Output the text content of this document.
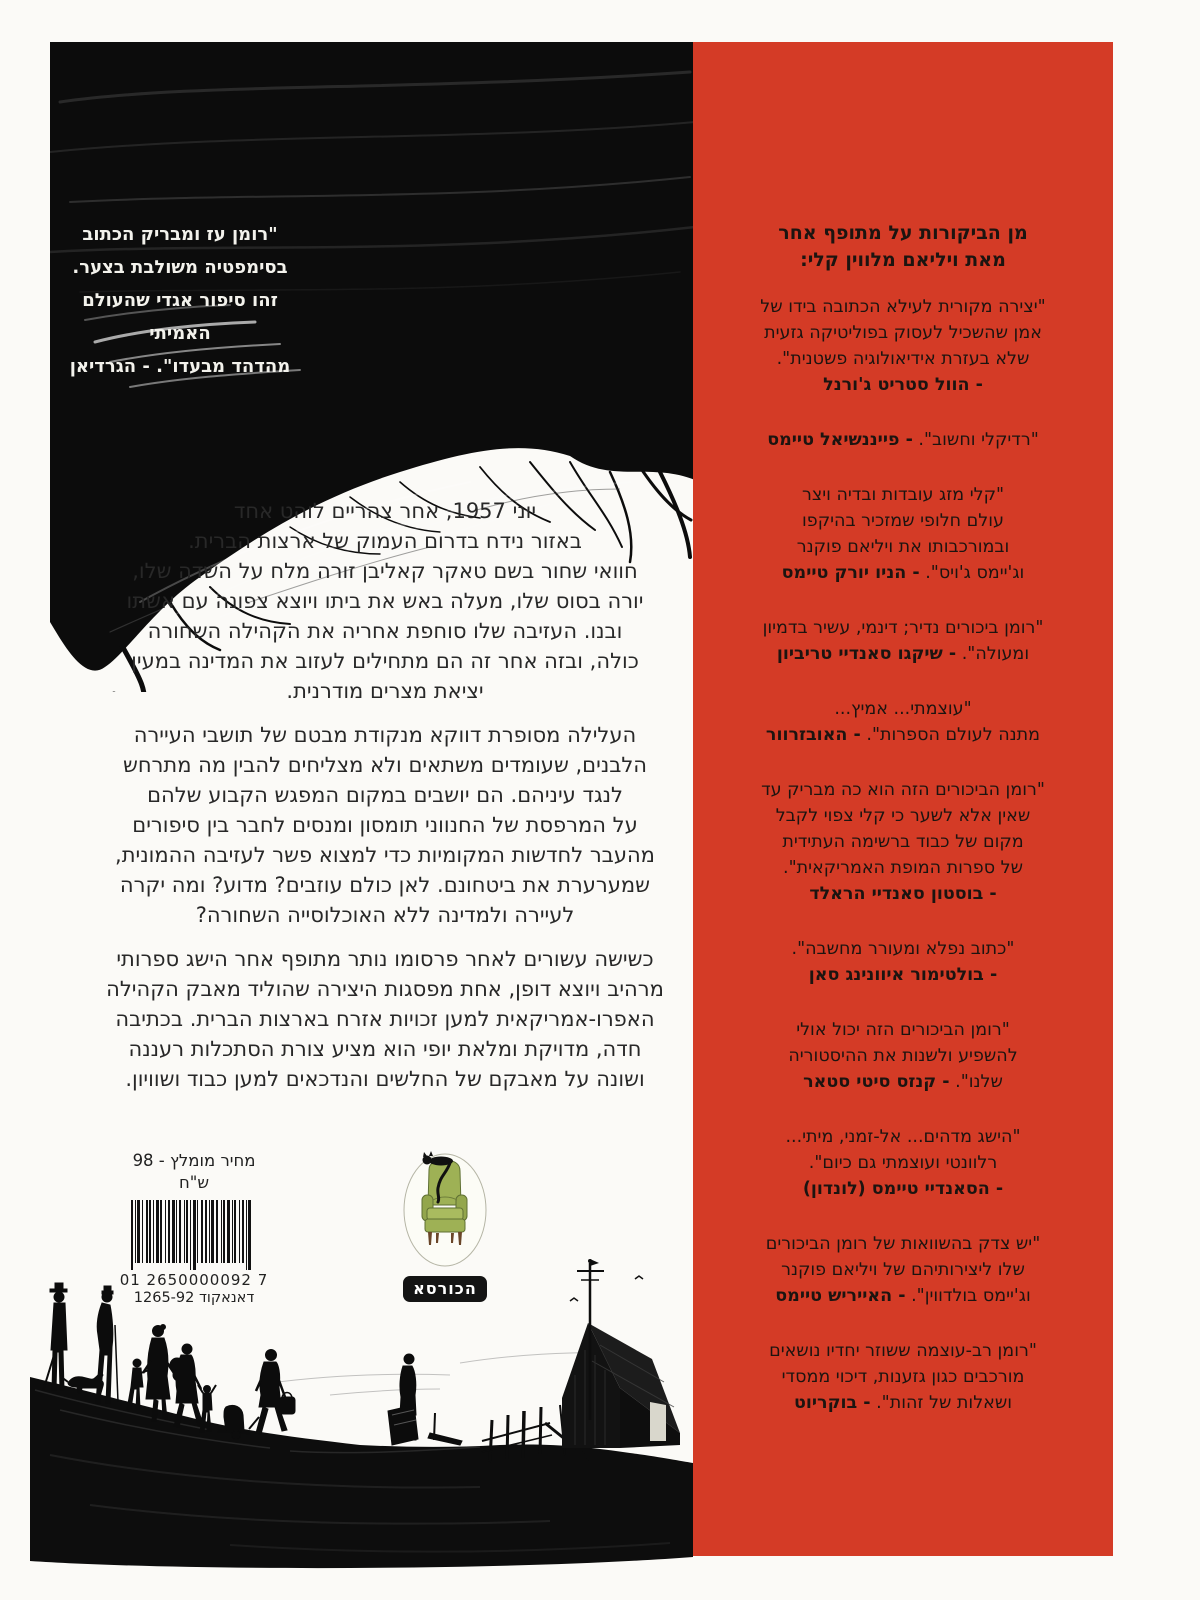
"רומן עז ומבריק הכתוב
בסימפטיה משולבת בצער.
זהו סיפור אגדי שהעולם האמיתי
מהדהד מבעדו". - הגרדיאן
מן הביקורות על מתופף אחר
מאת ויליאם מלווין קלי:
"יצירה מקורית לעילא הכתובה בידו של
אמן שהשכיל לעסוק בפוליטיקה גזעית
שלא בעזרת אידיאולוגיה פשטנית".
- הוול סטריט ג'ורנל
"רדיקלי וחשוב". - פייננשיאל טיימס
"קלי מזג עובדות ובדיה ויצר
עולם חלופי שמזכיר בהיקפו
ובמורכבותו את ויליאם פוקנר
וג'יימס ג'ויס". - הניו יורק טיימס
"רומן ביכורים נדיר; דינמי, עשיר בדמיון
ומעולה". - שיקגו סאנדיי טריביון
"עוצמתי... אמיץ...
מתנה לעולם הספרות". - האובזרוור
"רומן הביכורים הזה הוא כה מבריק עד
שאין אלא לשער כי קלי צפוי לקבל
מקום של כבוד ברשימה העתידית
של ספרות המופת האמריקאית".
- בוסטון סאנדיי הראלד
"כתוב נפלא ומעורר מחשבה".
- בולטימור איוונינג סאן
"רומן הביכורים הזה יכול אולי
להשפיע ולשנות את ההיסטוריה
שלנו". - קנזס סיטי סטאר
"הישג מדהים... אל-זמני, מיתי...
רלוונטי ועוצמתי גם כיום".
- הסאנדיי טיימס (לונדון)
"יש צדק בהשוואות של רומן הביכורים
שלו ליצירותיהם של ויליאם פוקנר
וג'יימס בולדווין". - האייריש טיימס
"רומן רב-עוצמה ששוזר יחדיו נושאים
מורכבים כגון גזענות, דיכוי ממסדי
ושאלות של זהות". - בוקריוט
יוני 1957, אחר צהריים לוהט אחד
באזור נידח בדרום העמוק של ארצות הברית.
חוואי שחור בשם טאקר קאליבן זורה מלח על השדה שלו,
יורה בסוס שלו, מעלה באש את ביתו ויוצא צפונה עם אשתו
ובנו. העזיבה שלו סוחפת אחריה את הקהילה השחורה
כולה, ובזה אחר זה הם מתחילים לעזוב את המדינה במעין
יציאת מצרים מודרנית.
העלילה מסופרת דווקא מנקודת מבטם של תושבי העיירה
הלבנים, שעומדים משתאים ולא מצליחים להבין מה מתרחש
לנגד עיניהם. הם יושבים במקום המפגש הקבוע שלהם
על המרפסת של החנווני תומסון ומנסים לחבר בין סיפורים
מהעבר לחדשות המקומיות כדי למצוא פשר לעזיבה ההמונית,
שמערערת את ביטחונם. לאן כולם עוזבים? מדוע? ומה יקרה
לעיירה ולמדינה ללא האוכלוסייה השחורה?
כשישה עשורים לאחר פרסומו נותר מתופף אחר הישג ספרותי
מרהיב ויוצא דופן, אחת מפסגות היצירה שהוליד מאבק הקהילה
האפרו-אמריקאית למען זכויות אזרח בארצות הברית. בכתיבה
חדה, מדויקת ומלאת יופי הוא מציע צורת הסתכלות רעננה
ושונה על מאבקם של החלשים והנדכאים למען כבוד ושוויון.
מחיר מומלץ - 98 ש"ח
01 2650000092 7
דאנאקוד 1265-92	הכורסא
